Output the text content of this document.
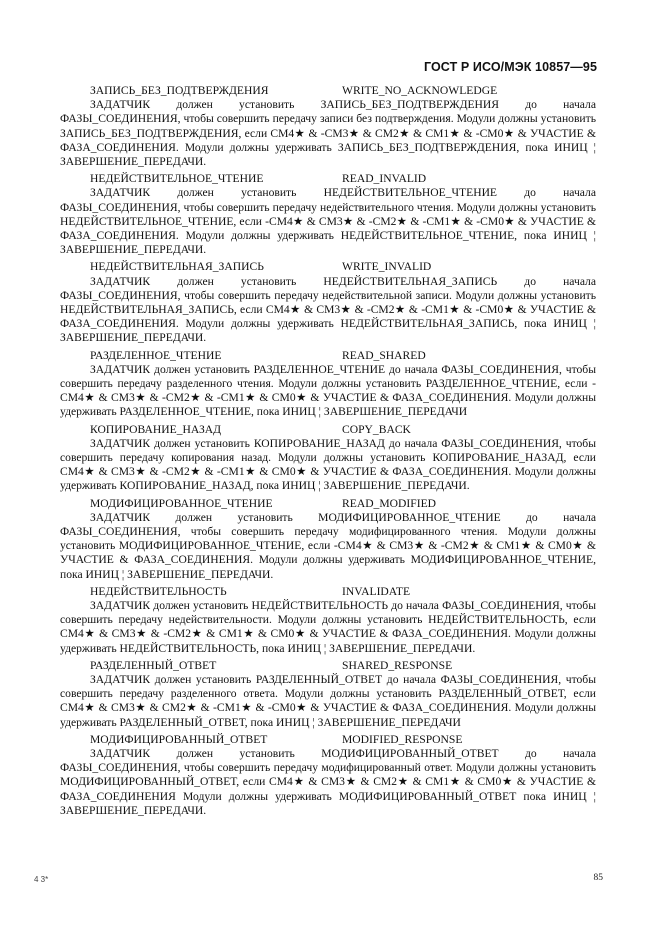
ГОСТ Р ИСО/МЭК 10857—95
ЗАПИСЬ_БЕЗ_ПОДТВЕРЖДЕНИЯ	WRITE_NO_ACKNOWLEDGE

ЗАДАТЧИК должен установить ЗАПИСЬ_БЕЗ_ПОДТВЕРЖДЕНИЯ до начала ФАЗЫ_СОЕДИНЕНИЯ, чтобы совершить передачу записи без подтверждения. Модули должны установить ЗАПИСЬ_БЕЗ_ПОДТВЕРЖДЕНИЯ, если CM4★ & -CM3★ & CM2★ & CM1★ & -CM0★ & УЧАСТИЕ & ФАЗА_СОЕДИНЕНИЯ. Модули должны удерживать ЗАПИСЬ_БЕЗ_ПОДТВЕРЖДЕНИЯ, пока ИНИЦ ¦ ЗАВЕРШЕНИЕ_ПЕРЕДАЧИ.

НЕДЕЙСТВИТЕЛЬНОЕ_ЧТЕНИЕ	READ_INVALID

ЗАДАТЧИК должен установить НЕДЕЙСТВИТЕЛЬНОЕ_ЧТЕНИЕ до начала ФАЗЫ_СОЕДИНЕНИЯ, чтобы совершить передачу недействительного чтения. Модули должны установить НЕДЕЙСТВИТЕЛЬНОЕ_ЧТЕНИЕ, если -CM4★ & CM3★ & -CM2★ & -CM1★ & -CM0★ & УЧАСТИЕ & ФАЗА_СОЕДИНЕНИЯ. Модули должны удерживать НЕДЕЙСТВИТЕЛЬНОЕ_ЧТЕНИЕ, пока ИНИЦ ¦ ЗАВЕРШЕНИЕ_ПЕРЕДАЧИ.

НЕДЕЙСТВИТЕЛЬНАЯ_ЗАПИСЬ	WRITE_INVALID

ЗАДАТЧИК должен установить НЕДЕЙСТВИТЕЛЬНАЯ_ЗАПИСЬ до начала ФАЗЫ_СОЕДИНЕНИЯ, чтобы совершить передачу недействительной записи. Модули должны установить НЕДЕЙСТВИТЕЛЬНАЯ_ЗАПИСЬ, если CM4★ & CM3★ & -CM2★ & -CM1★ & -CM0★ & УЧАСТИЕ & ФАЗА_СОЕДИНЕНИЯ. Модули должны удерживать НЕДЕЙСТВИТЕЛЬНАЯ_ЗАПИСЬ, пока ИНИЦ ¦ ЗАВЕРШЕНИЕ_ПЕРЕДАЧИ.

РАЗДЕЛЕННОЕ_ЧТЕНИЕ	READ_SHARED

ЗАДАТЧИК должен установить РАЗДЕЛЕННОЕ_ЧТЕНИЕ до начала ФАЗЫ_СОЕДИНЕНИЯ, чтобы совершить передачу разделенного чтения. Модули должны установить РАЗДЕЛЕННОЕ_ЧТЕНИЕ, если -CM4★ & CM3★ & -CM2★ & -CM1★ & CM0★ & УЧАСТИЕ & ФАЗА_СОЕДИНЕНИЯ. Модули должны удерживать РАЗДЕЛЕННОЕ_ЧТЕНИЕ, пока ИНИЦ ¦ ЗАВЕРШЕНИЕ_ПЕРЕДАЧИ

КОПИРОВАНИЕ_НАЗАД	COPY_BACK

ЗАДАТЧИК должен установить КОПИРОВАНИЕ_НАЗАД до начала ФАЗЫ_СОЕДИНЕНИЯ, чтобы совершить передачу копирования назад. Модули должны установить КОПИРОВАНИЕ_НАЗАД, если CM4★ & CM3★ & -CM2★ & -CM1★ & CM0★ & УЧАСТИЕ & ФАЗА_СОЕДИНЕНИЯ. Модули должны удерживать КОПИРОВАНИЕ_НАЗАД, пока ИНИЦ ¦ ЗАВЕРШЕНИЕ_ПЕРЕДАЧИ.

МОДИФИЦИРОВАННОЕ_ЧТЕНИЕ	READ_MODIFIED

ЗАДАТЧИК должен установить МОДИФИЦИРОВАННОЕ_ЧТЕНИЕ до начала ФАЗЫ_СОЕДИНЕНИЯ, чтобы совершить передачу модифицированного чтения. Модули должны установить МОДИФИЦИРОВАННОЕ_ЧТЕНИЕ, если -CM4★ & CM3★ & -CM2★ & CM1★ & CM0★ & УЧАСТИЕ & ФАЗА_СОЕДИНЕНИЯ. Модули должны удерживать МОДИФИЦИРОВАННОЕ_ЧТЕНИЕ, пока ИНИЦ ¦ ЗАВЕРШЕНИЕ_ПЕРЕДАЧИ.

НЕДЕЙСТВИТЕЛЬНОСТЬ	INVALIDATE

ЗАДАТЧИК должен установить НЕДЕЙСТВИТЕЛЬНОСТЬ до начала ФАЗЫ_СОЕДИНЕНИЯ, чтобы совершить передачу недействительности. Модули должны установить НЕДЕЙСТВИТЕЛЬНОСТЬ, если CM4★ & CM3★ & -CM2★ & CM1★ & CM0★ & УЧАСТИЕ & ФАЗА_СОЕДИНЕНИЯ. Модули должны удерживать НЕДЕЙСТВИТЕЛЬНОСТЬ, пока ИНИЦ ¦ ЗАВЕРШЕНИЕ_ПЕРЕДАЧИ.

РАЗДЕЛЕННЫЙ_ОТВЕТ	SHARED_RESPONSE

ЗАДАТЧИК должен установить РАЗДЕЛЕННЫЙ_ОТВЕТ до начала ФАЗЫ_СОЕДИНЕНИЯ, чтобы совершить передачу разделенного ответа. Модули должны установить РАЗДЕЛЕННЫЙ_ОТВЕТ, если CM4★ & CM3★ & CM2★ & -CM1★ & -CM0★ & УЧАСТИЕ & ФАЗА_СОЕДИНЕНИЯ. Модули должны удерживать РАЗДЕЛЕННЫЙ_ОТВЕТ, пока ИНИЦ ¦ ЗАВЕРШЕНИЕ_ПЕРЕДАЧИ

МОДИФИЦИРОВАННЫЙ_ОТВЕТ	MODIFIED_RESPONSE

ЗАДАТЧИК должен установить МОДИФИЦИРОВАННЫЙ_ОТВЕТ до начала ФАЗЫ_СОЕДИНЕНИЯ, чтобы совершить передачу модифицированный ответ. Модули должны установить МОДИФИЦИРОВАННЫЙ_ОТВЕТ, если CM4★ & CM3★ & CM2★ & CM1★ & CM0★ & УЧАСТИЕ & ФАЗА_СОЕДИНЕНИЯ Модули должны удерживать МОДИФИЦИРОВАННЫЙ_ОТВЕТ пока ИНИЦ ¦ ЗАВЕРШЕНИЕ_ПЕРЕДАЧИ.

4 3*	85
